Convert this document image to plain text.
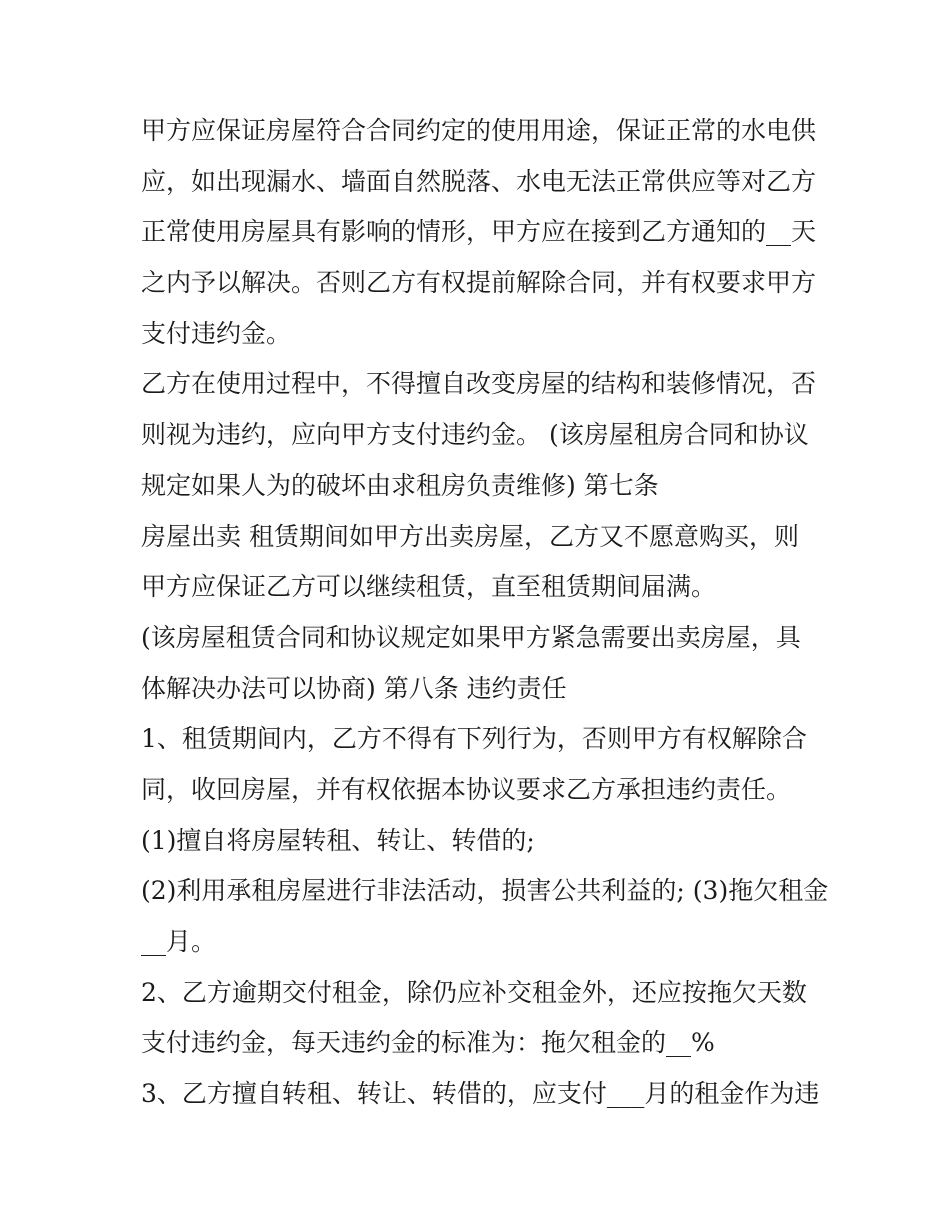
甲方应保证房屋符合合同约定的使用用途，保证正常的水电供
应，如出现漏水、墙面自然脱落、水电无法正常供应等对乙方
正常使用房屋具有影响的情形，甲方应在接到乙方通知的__天
之内予以解决。否则乙方有权提前解除合同，并有权要求甲方
支付违约金。
乙方在使用过程中，不得擅自改变房屋的结构和装修情况，否
则视为违约，应向甲方支付违约金。 (该房屋租房合同和协议
规定如果人为的破坏由求租房负责维修) 第七条
房屋出卖 租赁期间如甲方出卖房屋，乙方又不愿意购买，则
甲方应保证乙方可以继续租赁，直至租赁期间届满。
(该房屋租赁合同和协议规定如果甲方紧急需要出卖房屋，具
体解决办法可以协商) 第八条 违约责任
1、租赁期间内，乙方不得有下列行为，否则甲方有权解除合
同，收回房屋，并有权依据本协议要求乙方承担违约责任。
(1)擅自将房屋转租、转让、转借的;
(2)利用承租房屋进行非法活动，损害公共利益的; (3)拖欠租金
__月。
2、乙方逾期交付租金，除仍应补交租金外，还应按拖欠天数
支付违约金，每天违约金的标准为：拖欠租金的__%
3、乙方擅自转租、转让、转借的，应支付___月的租金作为违
